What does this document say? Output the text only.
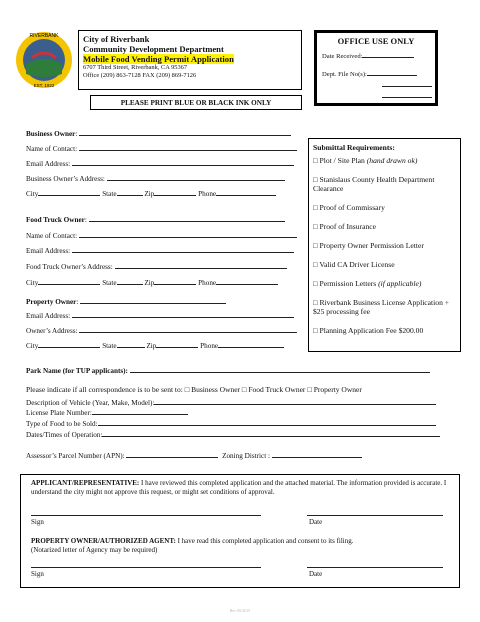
RIVERBANK
EST. 1922
City of Riverbank
Community Development Department
Mobile Food Vending Permit Application
6707 Third Street, Riverbank, CA 95367
Office (209) 863-7128 FAX (209) 869-7126
OFFICE USE ONLY
Date Received:
Dept. File No(s):
PLEASE PRINT BLUE OR BLACK INK ONLY
Business Owner:
Name of Contact:
Email Address:
Business Owner’s Address:
City	State	Zip	Phone
Food Truck Owner:
Name of Contact:
Email Address:
Food Truck Owner’s Address:
City	State	Zip	Phone
Property Owner:
Email Address:
Owner’s Address:
City	State	Zip	Phone
Submittal Requirements:
□ Plot / Site Plan (hand drawn ok)
□ Stanislaus County Health Department Clearance
□ Proof of Commissary
□ Proof of Insurance
□ Property Owner Permission Letter
□ Valid CA Driver License
□ Permission Letters (if applicable)
□ Riverbank Business License Application + $25 processing fee
□ Planning Application Fee $200.00
Park Name (for TUP applicants):
Please indicate if all correspondence is to be sent to: □ Business Owner □ Food Truck Owner □ Property Owner
Description of Vehicle (Year, Make, Model):
License Plate Number:
Type of Food to be Sold:
Dates/Times of Operation:
Assessor’s Parcel Number (APN):	Zoning District :
APPLICANT/REPRESENTATIVE: I have reviewed this completed application and the attached material. The information provided is accurate. I understand the city might not approve this request, or might set conditions of approval.
Sign	Date
PROPERTY OWNER/AUTHORIZED AGENT: I have read this completed application and consent to its filing.
(Notarized letter of Agency may be required)
Sign	Date
Rev 06/2019
